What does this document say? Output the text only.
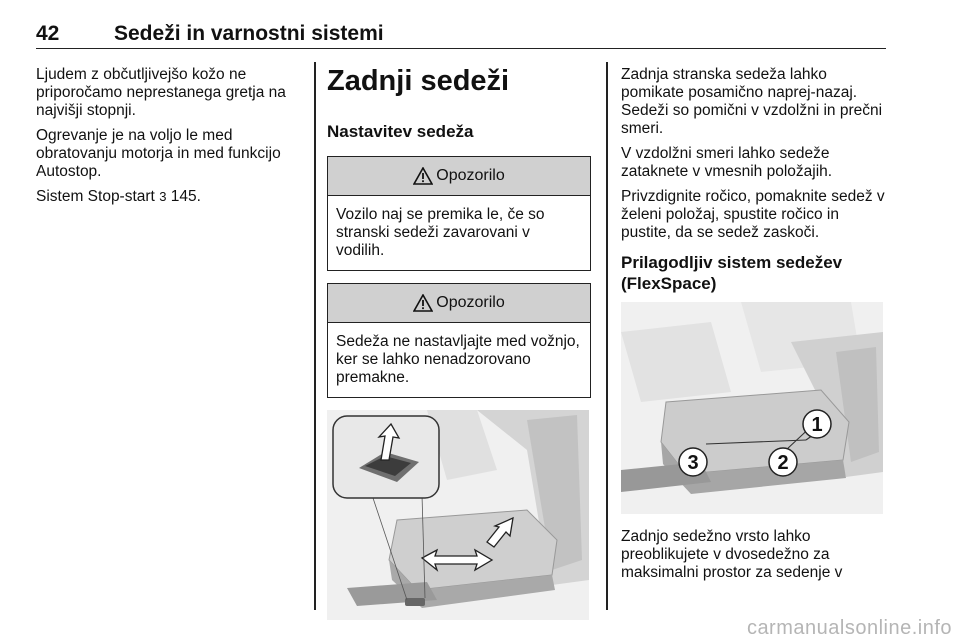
42	Sedeži in varnostni sistemi

Ljudem z občutljivejšo kožo ne priporočamo neprestanega gretja na najvišji stopnji.

Ogrevanje je na voljo le med obratovanju motorja in med funkcijo Autostop.

Sistem Stop-start 3 145.

Zadnji sedeži
Nastavitev sedeža
Opozorilo
Vozilo naj se premika le, če so stranski sedeži zavarovani v vodilih.
Opozorilo
Sedeža ne nastavljajte med vožnjo, ker se lahko nenadzorovano premakne.

Zadnja stranska sedeža lahko pomikate posamično naprej-nazaj. Sedeži so pomični v vzdolžni in prečni smeri.

V vzdolžni smeri lahko sedeže zataknete v vmesnih položajih.

Privzdignite ročico, pomaknite sedež v želeni položaj, spustite ročico in pustite, da se sedež zaskoči.

Prilagodljiv sistem sedežev (FlexSpace)
1
2
3

Zadnjo sedežno vrsto lahko preoblikujete v dvosedežno za maksimalni prostor za sedenje v

carmanualsonline.info
